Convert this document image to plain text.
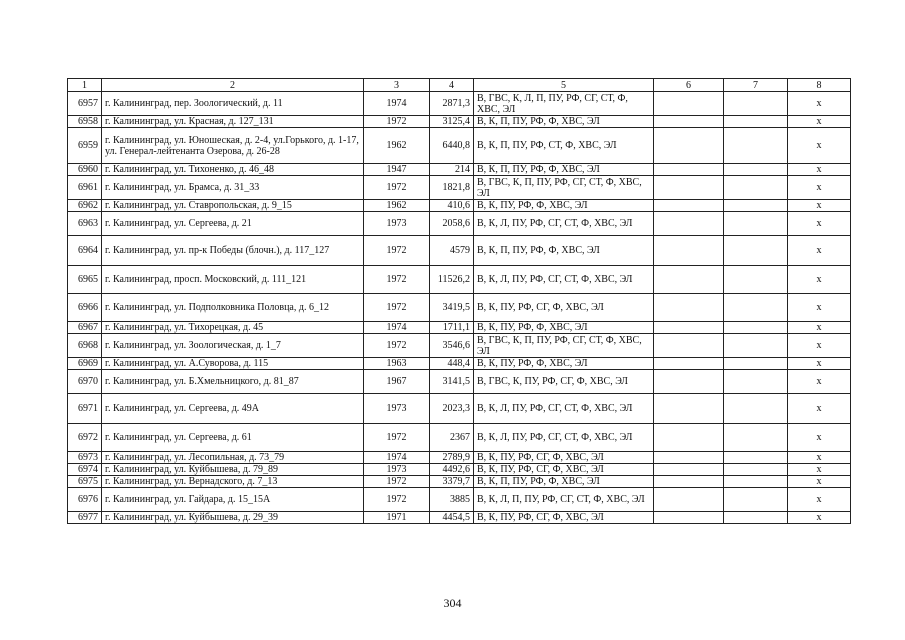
1	2	3	4	5	6	7	8
6957	г. Калининград, пер. Зоологический, д. 11	1974	2871,3	В, ГВС, К, Л, П, ПУ, РФ, СГ, СТ, Ф, ХВС, ЭЛ			х
6958	г. Калининград, ул. Красная, д. 127_131	1972	3125,4	В, К, П, ПУ, РФ, Ф, ХВС, ЭЛ			х
6959	г. Калининград, ул. Юношеская, д. 2-4, ул.Горького, д. 1-17, ул. Генерал-лейтенанта Озерова, д. 26-28	1962	6440,8	В, К, П, ПУ, РФ, СТ, Ф, ХВС, ЭЛ			х
6960	г. Калининград, ул. Тихоненко, д. 46_48	1947	214	В, К, П, ПУ, РФ, Ф, ХВС, ЭЛ			х
6961	г. Калининград, ул. Брамса, д. 31_33	1972	1821,8	В, ГВС, К, П, ПУ, РФ, СГ, СТ, Ф, ХВС, ЭЛ			х
6962	г. Калининград, ул. Ставропольская, д. 9_15	1962	410,6	В, К, ПУ, РФ, Ф, ХВС, ЭЛ			х
6963	г. Калининград, ул. Сергеева, д. 21	1973	2058,6	В, К, Л, ПУ, РФ, СГ, СТ, Ф, ХВС, ЭЛ			х
6964	г. Калининград, ул. пр-к Победы (блочн.), д. 117_127	1972	4579	В, К, П, ПУ, РФ, Ф, ХВС, ЭЛ			х
6965	г. Калининград, просп. Московский, д. 111_121	1972	11526,2	В, К, Л, ПУ, РФ, СГ, СТ, Ф, ХВС, ЭЛ			х
6966	г. Калининград, ул. Подполковника Половца, д. 6_12	1972	3419,5	В, К, ПУ, РФ, СГ, Ф, ХВС, ЭЛ			х
6967	г. Калининград, ул. Тихорецкая, д. 45	1974	1711,1	В, К, ПУ, РФ, Ф, ХВС, ЭЛ			х
6968	г. Калининград, ул. Зоологическая, д. 1_7	1972	3546,6	В, ГВС, К, П, ПУ, РФ, СГ, СТ, Ф, ХВС, ЭЛ			х
6969	г. Калининград, ул. А.Суворова, д. 115	1963	448,4	В, К, ПУ, РФ, Ф, ХВС, ЭЛ			х
6970	г. Калининград, ул. Б.Хмельницкого, д. 81_87	1967	3141,5	В, ГВС, К, ПУ, РФ, СГ, Ф, ХВС, ЭЛ			х
6971	г. Калининград, ул. Сергеева, д. 49А	1973	2023,3	В, К, Л, ПУ, РФ, СГ, СТ, Ф, ХВС, ЭЛ			х
6972	г. Калининград, ул. Сергеева, д. 61	1972	2367	В, К, Л, ПУ, РФ, СГ, СТ, Ф, ХВС, ЭЛ			х
6973	г. Калининград, ул. Лесопильная, д. 73_79	1974	2789,9	В, К, ПУ, РФ, СГ, Ф, ХВС, ЭЛ			х
6974	г. Калининград, ул. Куйбышева, д. 79_89	1973	4492,6	В, К, ПУ, РФ, СГ, Ф, ХВС, ЭЛ			х
6975	г. Калининград, ул. Вернадского, д. 7_13	1972	3379,7	В, К, П, ПУ, РФ, Ф, ХВС, ЭЛ			х
6976	г. Калининград, ул. Гайдара, д. 15_15А	1972	3885	В, К, Л, П, ПУ, РФ, СГ, СТ, Ф, ХВС, ЭЛ			х
6977	г. Калининград, ул. Куйбышева, д. 29_39	1971	4454,5	В, К, ПУ, РФ, СГ, Ф, ХВС, ЭЛ			х
304
